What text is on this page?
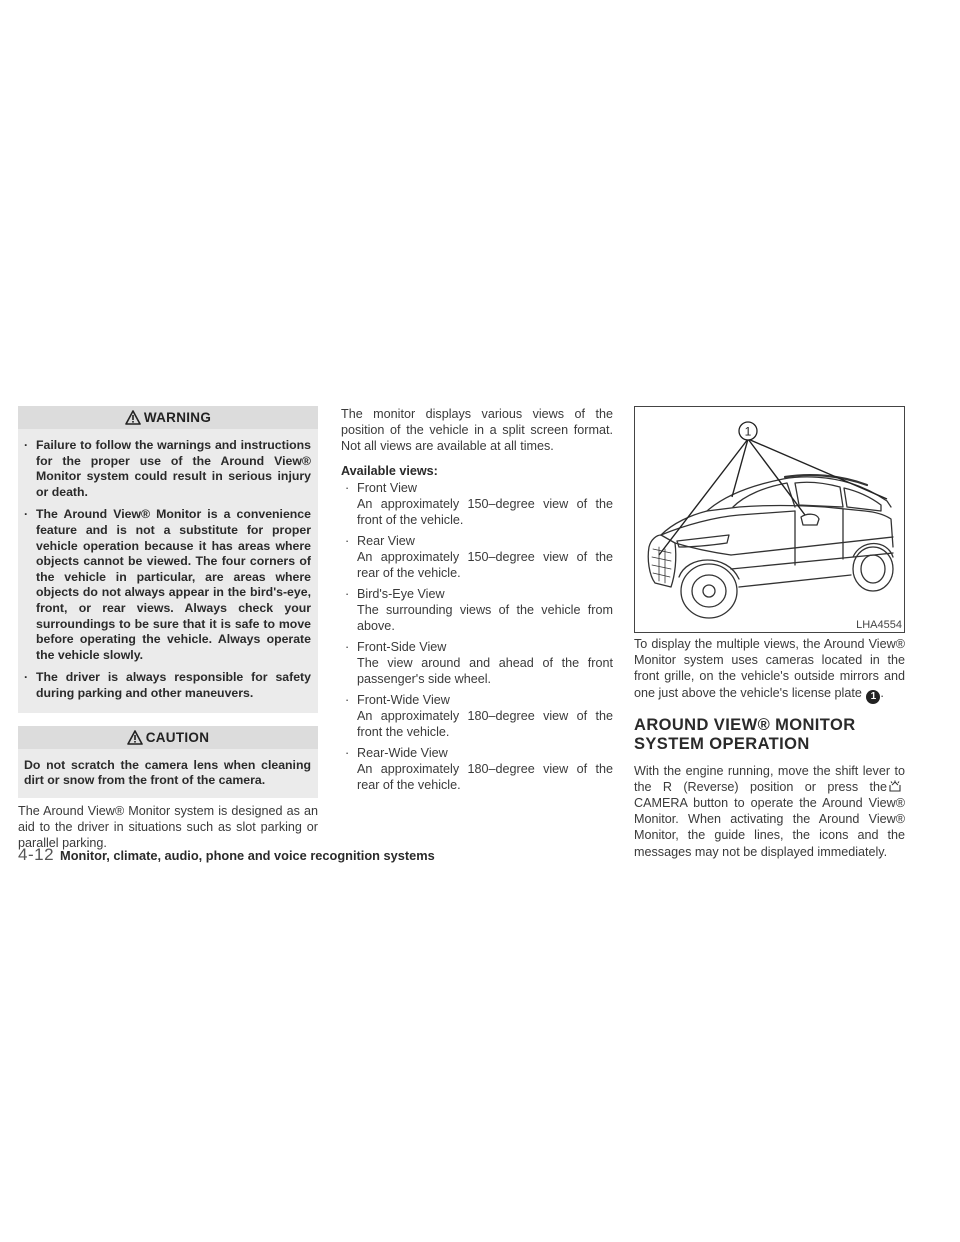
WARNING
· Failure to follow the warnings and instructions for the proper use of the Around View® Monitor system could result in serious injury or death.
· The Around View® Monitor is a convenience feature and is not a substitute for proper vehicle operation because it has areas where objects cannot be viewed. The four corners of the vehicle in particular, are areas where objects do not always appear in the bird's-eye, front, or rear views. Always check your surroundings to be sure that it is safe to move before operating the vehicle. Always operate the vehicle slowly.
· The driver is always responsible for safety during parking and other maneuvers.
CAUTION
Do not scratch the camera lens when cleaning dirt or snow from the front of the camera.

The Around View® Monitor system is designed as an aid to the driver in situations such as slot parking or parallel parking.

The monitor displays various views of the position of the vehicle in a split screen format. Not all views are available at all times.

Available views:
· Front View
An approximately 150–degree view of the front of the vehicle.
· Rear View
An approximately 150–degree view of the rear of the vehicle.
· Bird's-Eye View
The surrounding views of the vehicle from above.
· Front-Side View
The view around and ahead of the front passenger's side wheel.
· Front-Wide View
An approximately 180–degree view of the front the vehicle.
· Rear-Wide View
An approximately 180–degree view of the rear of the vehicle.
1
LHA4554

To display the multiple views, the Around View® Monitor system uses cameras located in the front grille, on the vehicle's outside mirrors and one just above the vehicle's license plate 1 .

AROUND VIEW® MONITOR
SYSTEM OPERATION

With the engine running, move the shift lever to the R (Reverse) position or press theCAMERA button to operate the Around View® Monitor. When activating the Around View® Monitor, the guide lines, the icons and the messages may not be displayed immediately.

4-12 Monitor, climate, audio, phone and voice recognition systems
